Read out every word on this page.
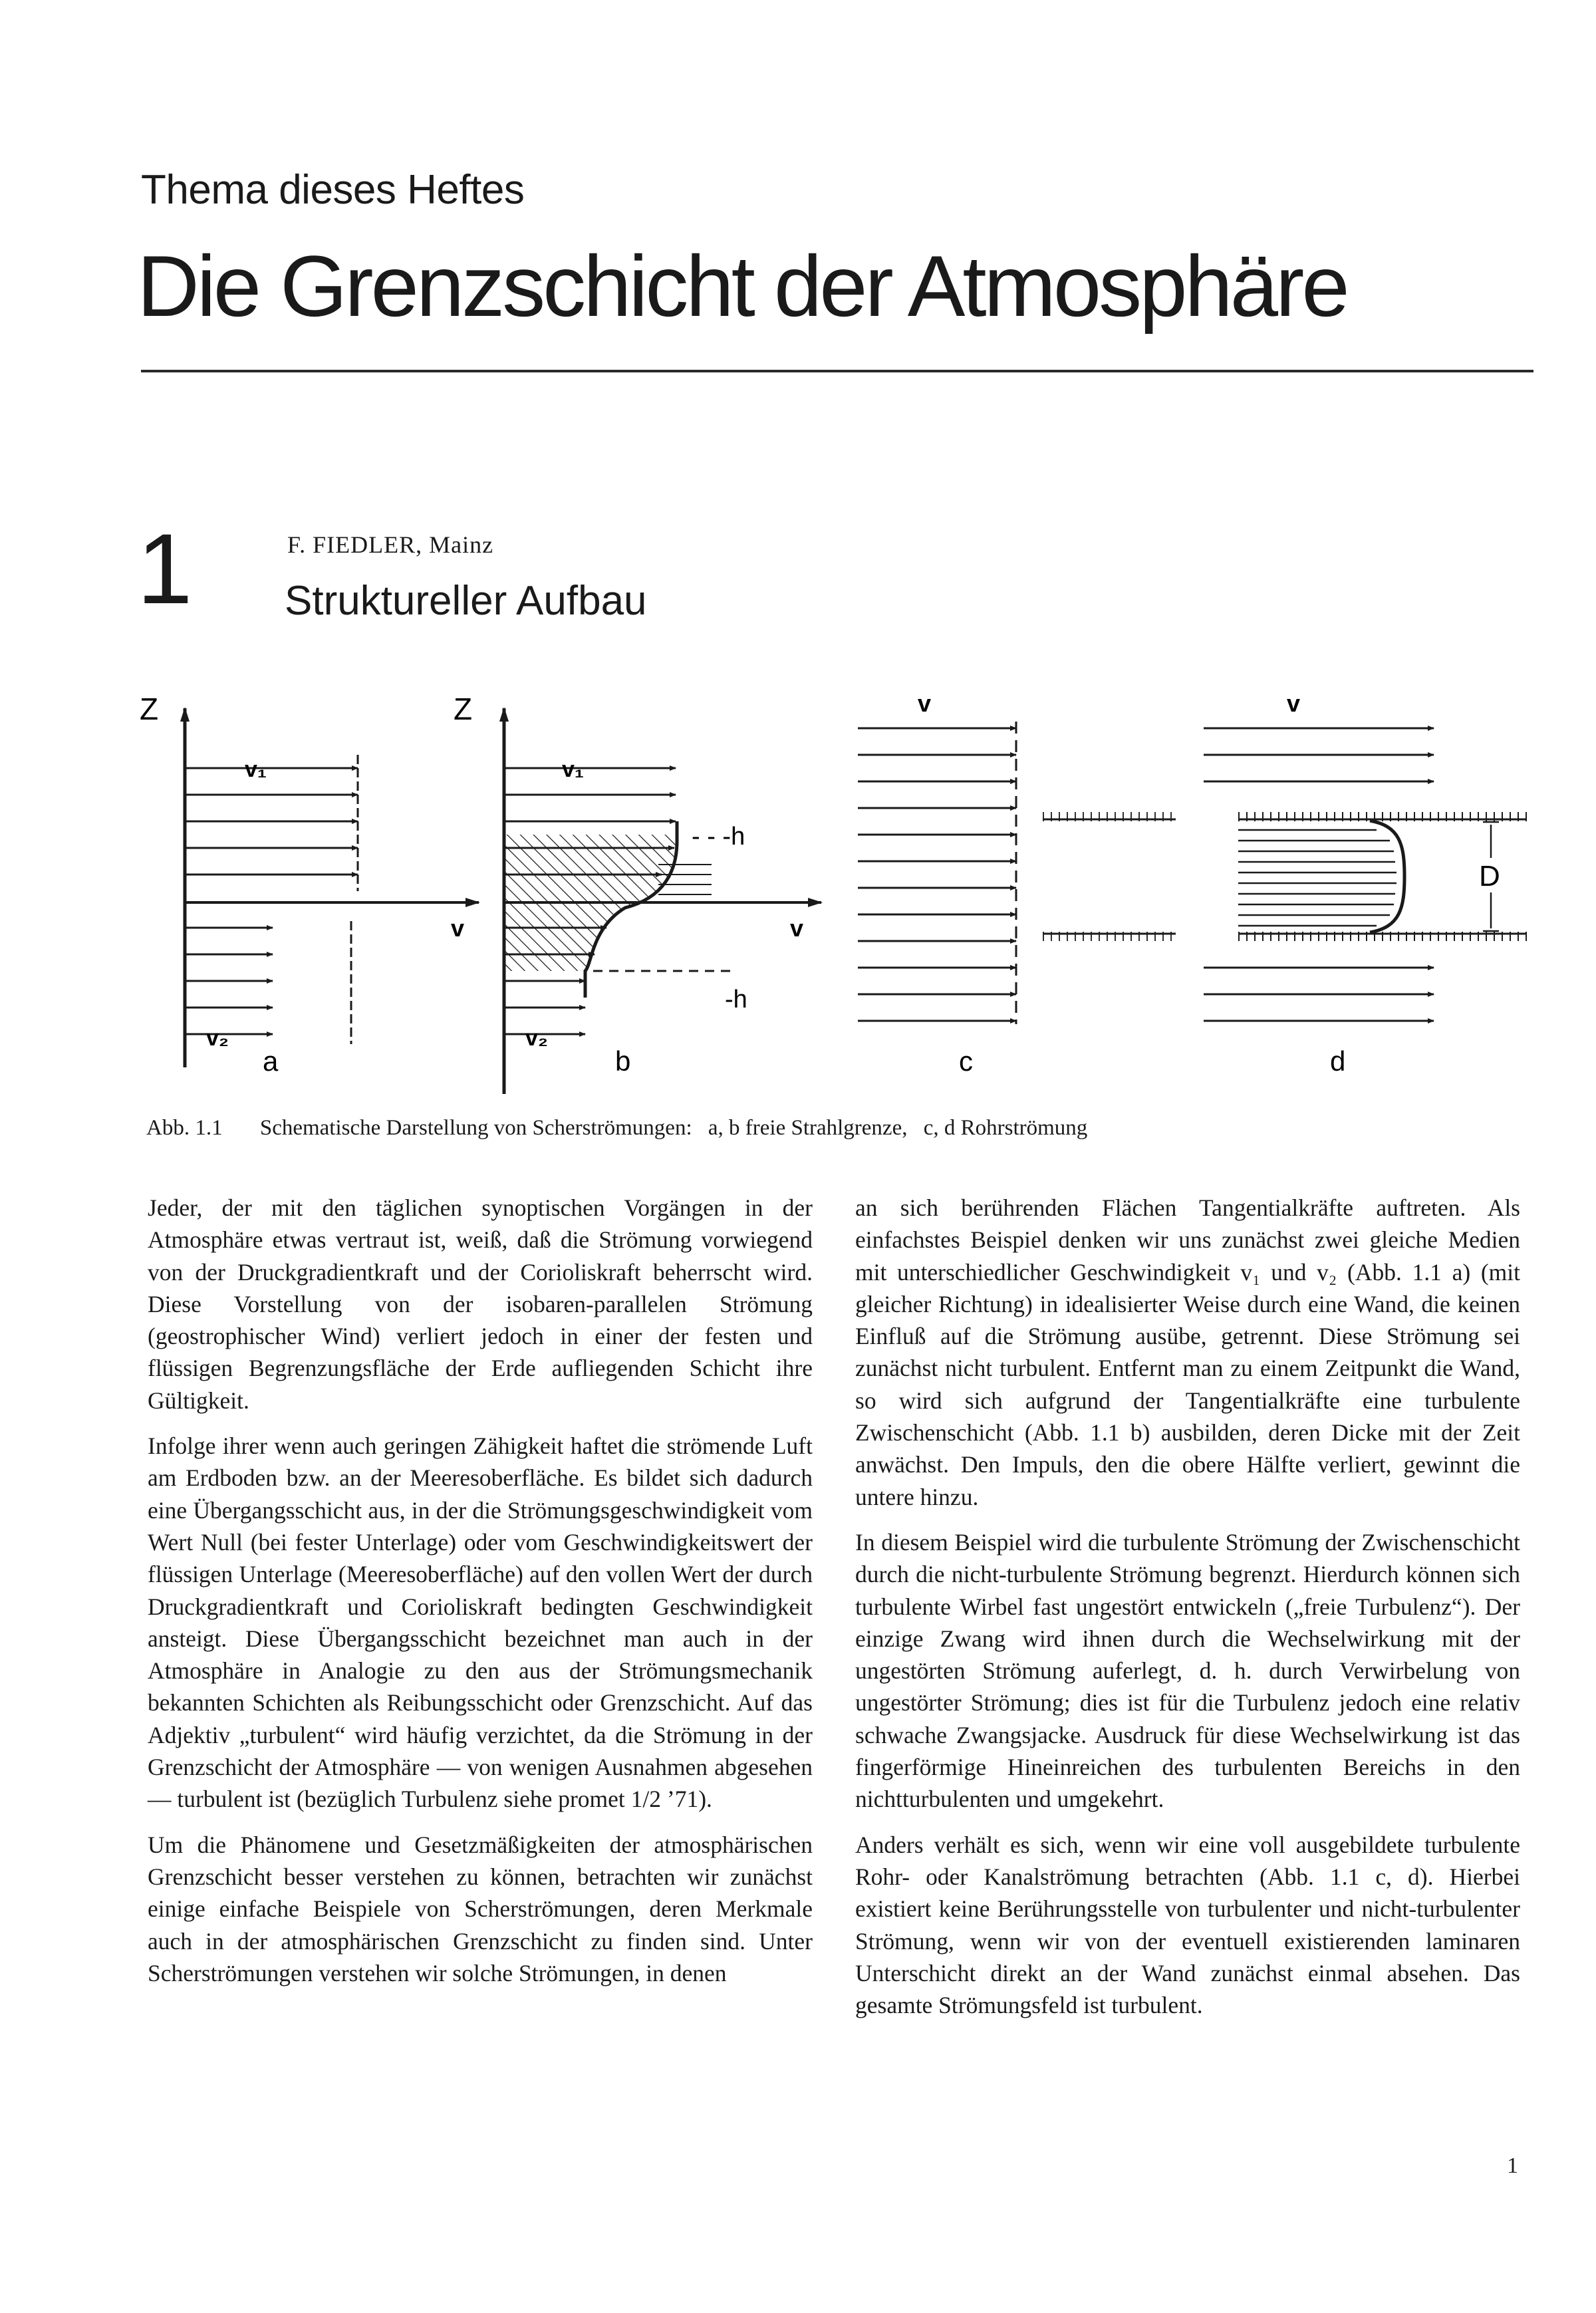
Thema dieses Heftes
Die Grenzschicht der Atmosphäre
1	F. FIEDLER, Mainz
Struktureller Aufbau
Z
v₁
v
v₂
a
Z
v₁
- - -h
-h
v
v₂
b
v
c
v
D
d
Abb. 1.1 Schematische Darstellung von Scherströmungen: a, b freie Strahlgrenze, c, d Rohrströmung

Jeder, der mit den täglichen synoptischen Vorgängen in der Atmosphäre etwas vertraut ist, weiß, daß die Strömung vorwiegend von der Druckgradientkraft und der Corioliskraft beherrscht wird. Diese Vorstellung von der isobaren-parallelen Strömung (geostrophischer Wind) verliert jedoch in einer der festen und flüssigen Begrenzungsfläche der Erde aufliegenden Schicht ihre Gültigkeit.

Infolge ihrer wenn auch geringen Zähigkeit haftet die strömende Luft am Erdboden bzw. an der Meeresoberfläche. Es bildet sich dadurch eine Übergangsschicht aus, in der die Strömungsgeschwindigkeit vom Wert Null (bei fester Unterlage) oder vom Geschwindigkeitswert der flüssigen Unterlage (Meeresoberfläche) auf den vollen Wert der durch Druckgradientkraft und Corioliskraft bedingten Geschwindigkeit ansteigt. Diese Übergangsschicht bezeichnet man auch in der Atmosphäre in Analogie zu den aus der Strömungsmechanik bekannten Schichten als Reibungsschicht oder Grenzschicht. Auf das Adjektiv „turbulent“ wird häufig verzichtet, da die Strömung in der Grenzschicht der Atmosphäre — von wenigen Ausnahmen abgesehen — turbulent ist (bezüglich Turbulenz siehe promet 1/2 ’71).

Um die Phänomene und Gesetzmäßigkeiten der atmosphärischen Grenzschicht besser verstehen zu können, betrachten wir zunächst einige einfache Beispiele von Scherströmungen, deren Merkmale auch in der atmosphärischen Grenzschicht zu finden sind. Unter Scherströmungen verstehen wir solche Strömungen, in denen

an sich berührenden Flächen Tangentialkräfte auftreten. Als einfachstes Beispiel denken wir uns zunächst zwei gleiche Medien mit unterschiedlicher Geschwindigkeit v₁ und v₂ (Abb. 1.1 a) (mit gleicher Richtung) in idealisierter Weise durch eine Wand, die keinen Einfluß auf die Strömung ausübe, getrennt. Diese Strömung sei zunächst nicht turbulent. Entfernt man zu einem Zeitpunkt die Wand, so wird sich aufgrund der Tangentialkräfte eine turbulente Zwischenschicht (Abb. 1.1 b) ausbilden, deren Dicke mit der Zeit anwächst. Den Impuls, den die obere Hälfte verliert, gewinnt die untere hinzu.

In diesem Beispiel wird die turbulente Strömung der Zwischenschicht durch die nicht-turbulente Strömung begrenzt. Hierdurch können sich turbulente Wirbel fast ungestört entwickeln („freie Turbulenz“). Der einzige Zwang wird ihnen durch die Wechselwirkung mit der ungestörten Strömung auferlegt, d. h. durch Verwirbelung von ungestörter Strömung; dies ist für die Turbulenz jedoch eine relativ schwache Zwangsjacke. Ausdruck für diese Wechselwirkung ist das fingerförmige Hineinreichen des turbulenten Bereichs in den nichtturbulenten und umgekehrt.

Anders verhält es sich, wenn wir eine voll ausgebildete turbulente Rohr- oder Kanalströmung betrachten (Abb. 1.1 c, d). Hierbei existiert keine Berührungsstelle von turbulenter und nicht-turbulenter Strömung, wenn wir von der eventuell existierenden laminaren Unterschicht direkt an der Wand zunächst einmal absehen. Das gesamte Strömungsfeld ist turbulent.

1
